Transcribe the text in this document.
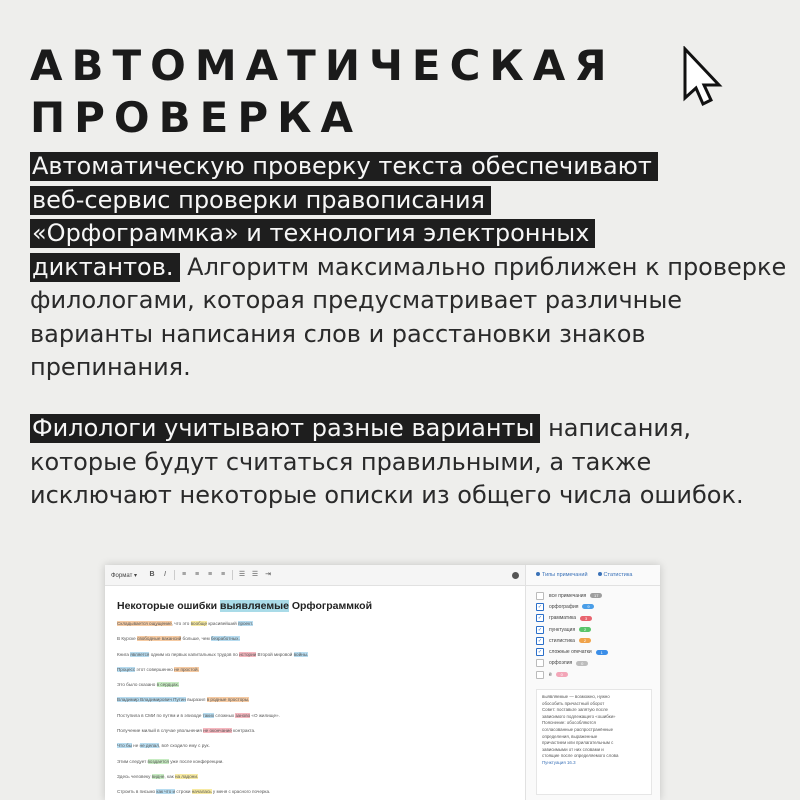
АВТОМАТИЧЕСКАЯ
ПРОВЕРКА

Автоматическую проверку текста обеспечивают
веб-сервис проверки правописания
«Орфограммка» и технология электронных
диктантов. Алгоритм максимально приближен к проверке филологами, которая предусматривает различные варианты написания слов и расстановки знаков препинания.

Филологи учитывают разные варианты написания, которые будут считаться правильными, а также исключают некоторые описки из общего числа ошибок.

Формат ▾ B	I	≡ ≡ ≡ ≡ ☰ ☰ ⇥
Некоторые ошибки выявляемые Орфограммкой
Складывается ощущение, что это вообще красивейший проект.
В Курске свободные вакансий больше, чем безработных.
Книга является одним из первых капитальных трудов по истории Второй мировой войны.
Процесс этот совершенно не простой.
Это было сказано в сердцах.
Владимир Владимирович Путин выразил в родные просторы.
Поступила в СМИ по путям и в эпизоде таких сложных заново «О жилище».
Получение милый в случае увольнения не окончание контракта.
Что бы не не делал, всё сходило ему с рук.
Этим следует воздается уже после конференции.
Здесь человеку видне, как на ладони.
Строить в письмо как что и строки началась у меня с красного почерка.
Типы примечаний	Статистика
все примечания	17
✓	орфография	9
✓	грамматика	3
✓	пунктуация	2
✓	стилистика	2
✓	сложные опечатки	1
орфоэпия	0
ё	0
выявляемые — возможно, нужно
обособить причастный оборот
Совет: поставьте запятую после
зависимого подлежащего «ошибки»
Пояснение: обособляются
согласованные распространённые
определения, выраженные
причастием или прилагательным с
зависимыми от них словами и
стоящие после определяемого слова
Пунктуация 16.3
